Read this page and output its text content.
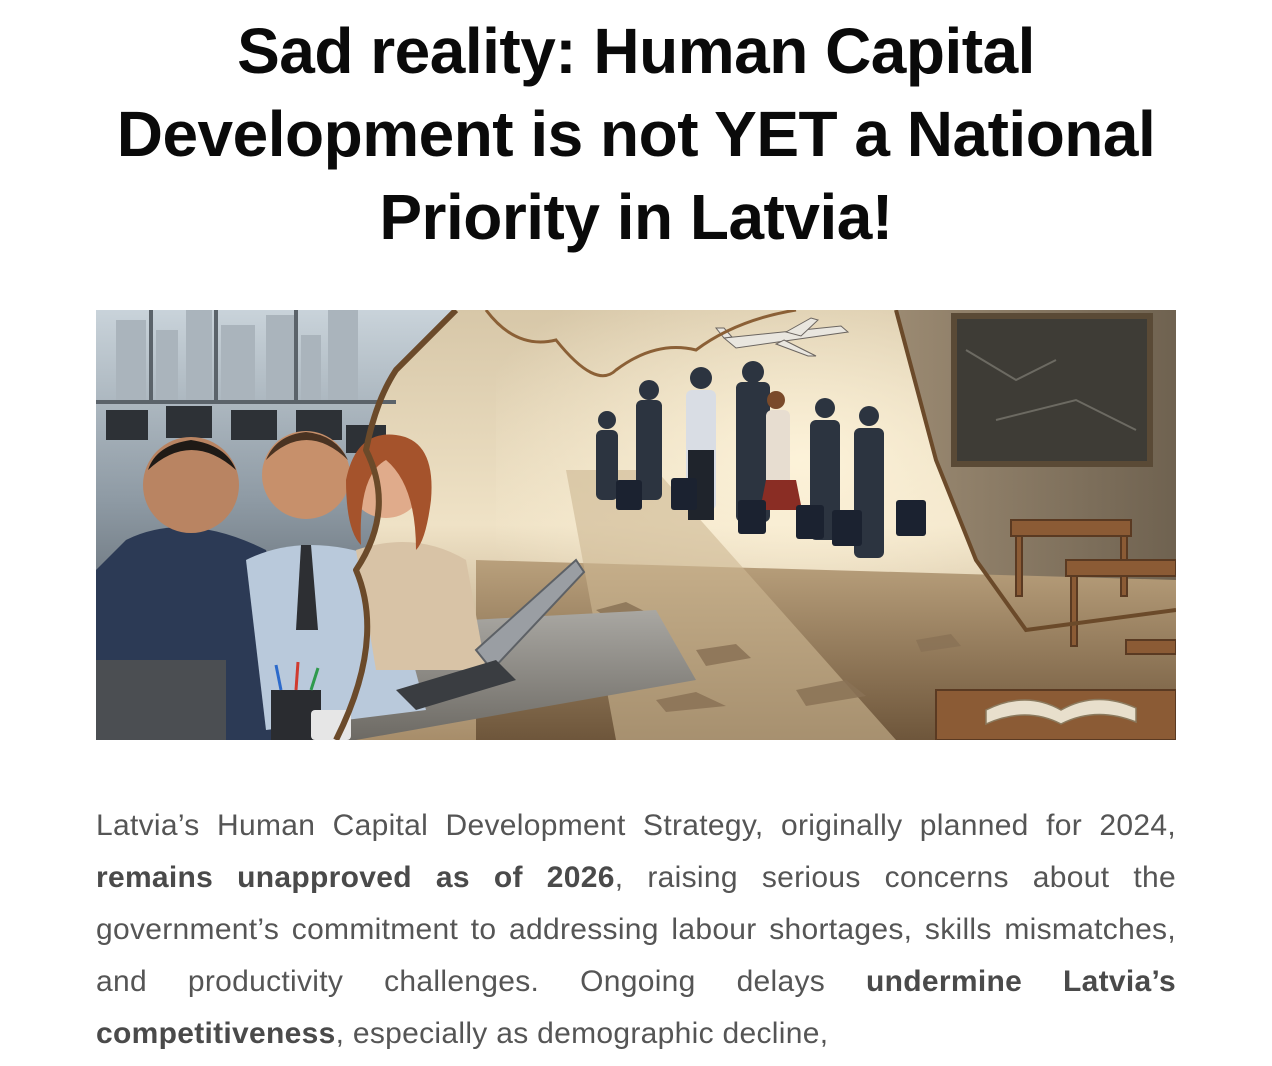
Sad reality: Human Capital Development is not YET a National Priority in Latvia!

Latvia’s Human Capital Development Strategy, originally planned for 2024, remains unapproved as of 2026, raising serious concerns about the government’s commitment to addressing labour shortages, skills mismatches, and productivity challenges. Ongoing delays undermine Latvia’s competitiveness, especially as demographic decline,
